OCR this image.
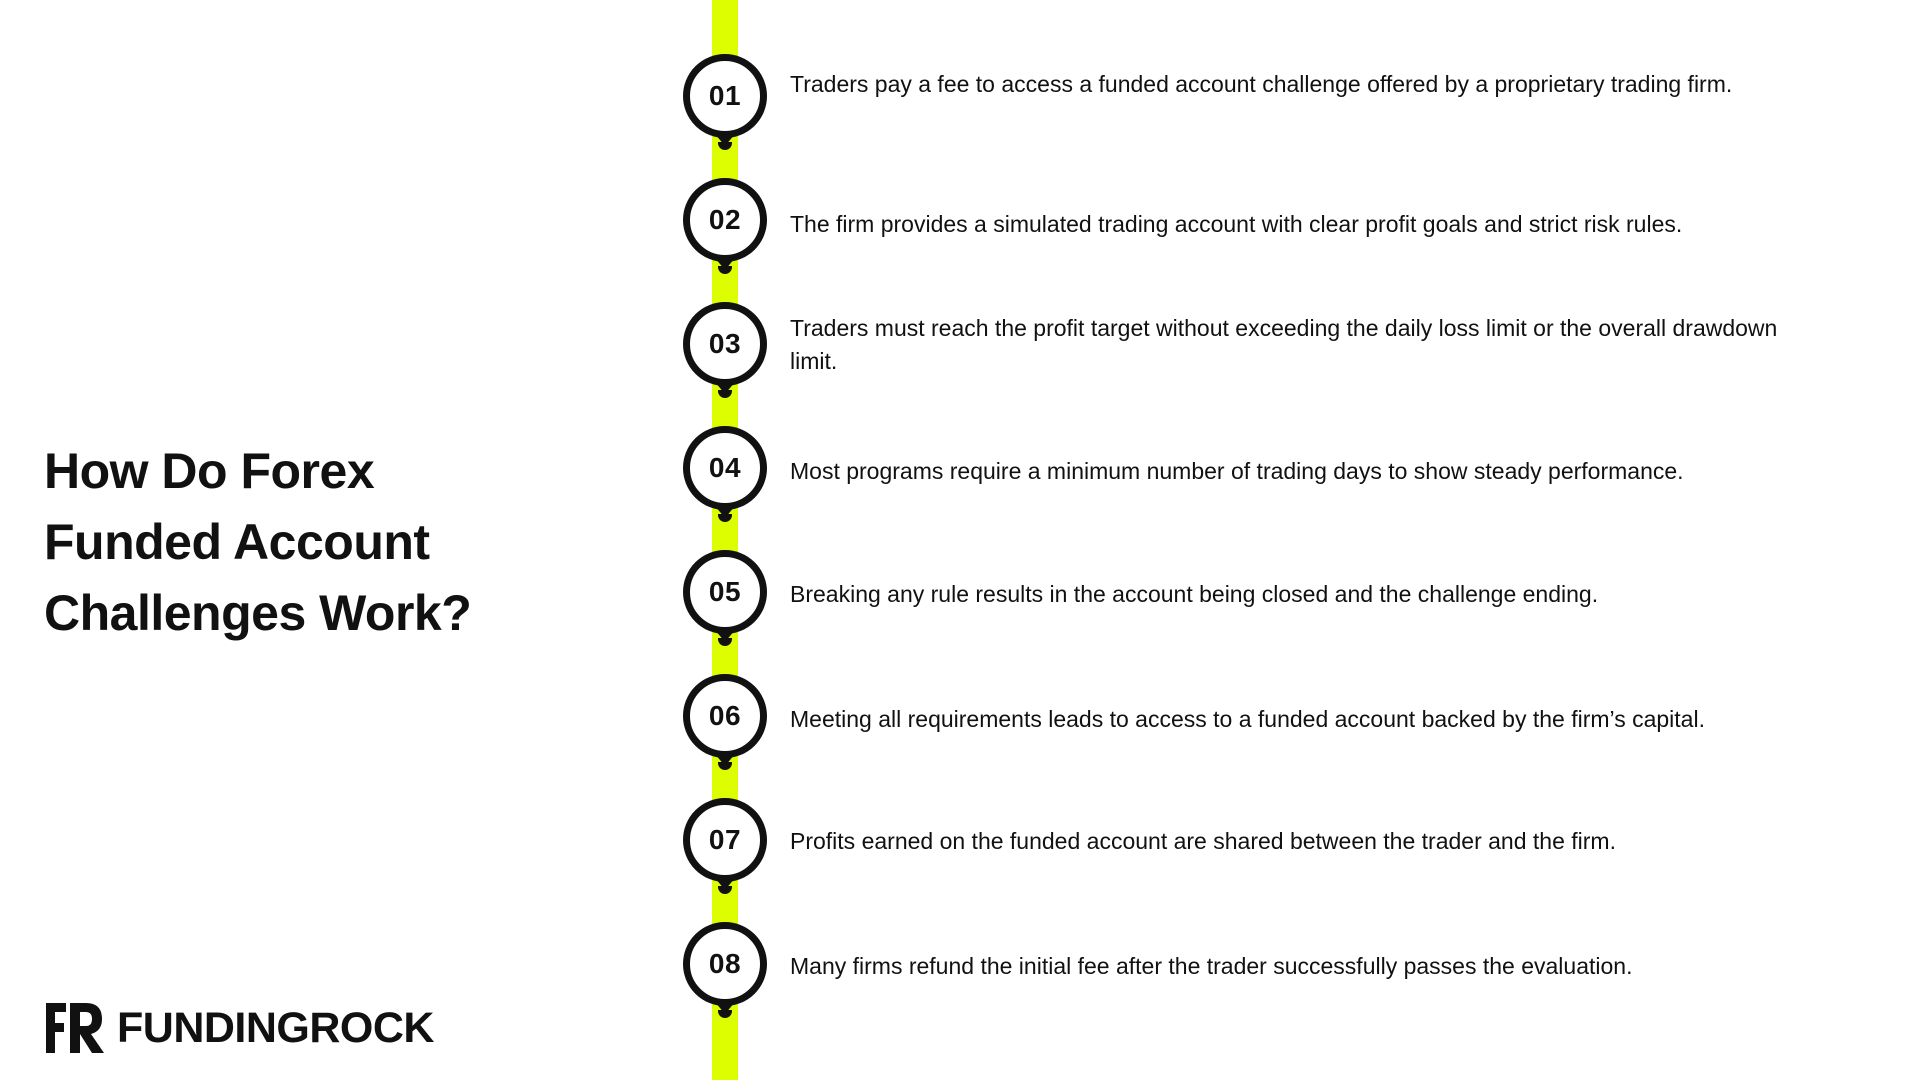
How Do Forex
Funded Account
Challenges Work?
01 Traders pay a fee to access a funded account challenge offered by a proprietary trading firm.

02 The firm provides a simulated trading account with clear profit goals and strict risk rules.

03 Traders must reach the profit target without exceeding the daily loss limit or the overall drawdown limit.

04 Most programs require a minimum number of trading days to show steady performance.

05 Breaking any rule results in the account being closed and the challenge ending.

06 Meeting all requirements leads to access to a funded account backed by the firm’s capital.

07 Profits earned on the funded account are shared between the trader and the firm.

08 Many firms refund the initial fee after the trader successfully passes the evaluation.

FUNDINGROCK
